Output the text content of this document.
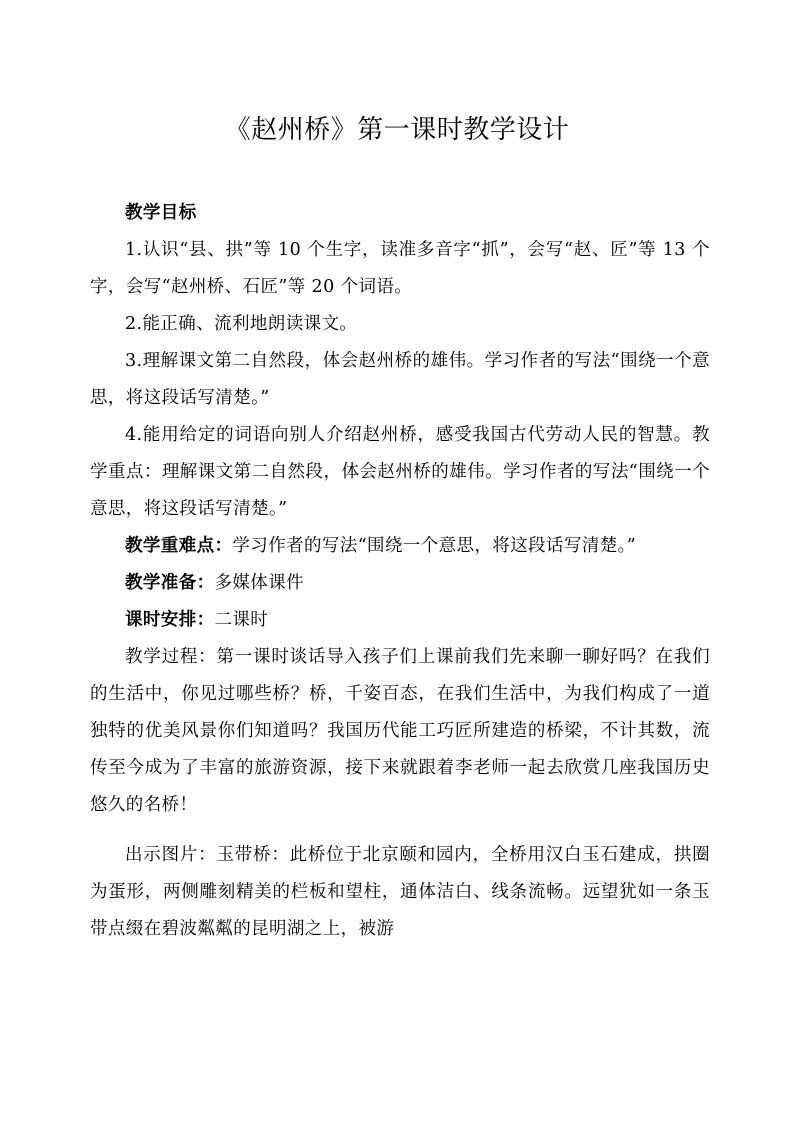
《赵州桥》第一课时教学设计

教学目标

1.认识“县、拱”等 10 个生字，读准多音字“抓”，会写“赵、匠”等 13 个字，会写“赵州桥、石匠”等 20 个词语。

2.能正确、流利地朗读课文。

3.理解课文第二自然段，体会赵州桥的雄伟。学习作者的写法“围绕一个意思，将这段话写清楚。”

4.能用给定的词语向别人介绍赵州桥，感受我国古代劳动人民的智慧。教学重点：理解课文第二自然段，体会赵州桥的雄伟。学习作者的写法“围绕一个意思，将这段话写清楚。”

教学重难点：学习作者的写法“围绕一个意思，将这段话写清楚。”

教学准备：多媒体课件

课时安排：二课时

教学过程：第一课时谈话导入孩子们上课前我们先来聊一聊好吗？在我们的生活中，你见过哪些桥？桥，千姿百态，在我们生活中，为我们构成了一道独特的优美风景你们知道吗？我国历代能工巧匠所建造的桥梁，不计其数，流传至今成为了丰富的旅游资源，接下来就跟着李老师一起去欣赏几座我国历史悠久的名桥！

出示图片：玉带桥：此桥位于北京颐和园内，全桥用汉白玉石建成，拱圈为蛋形，两侧雕刻精美的栏板和望柱，通体洁白、线条流畅。远望犹如一条玉带点缀在碧波粼粼的昆明湖之上，被游
